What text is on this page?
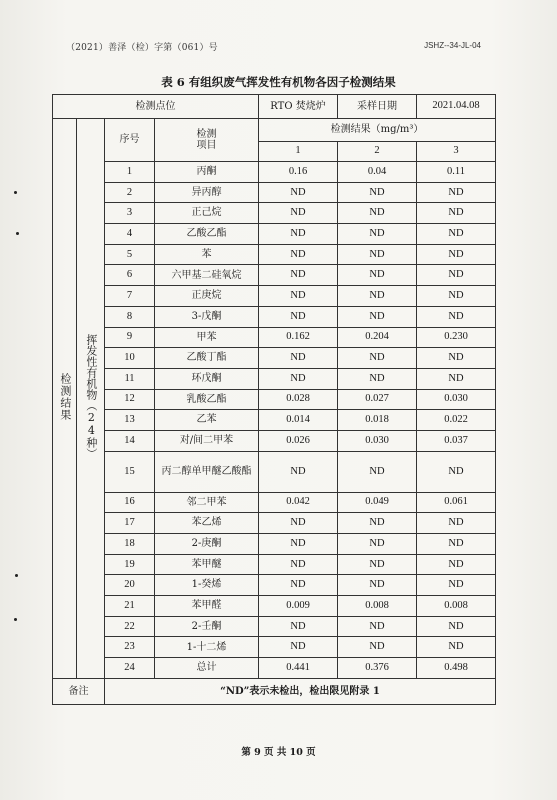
（2021）善泽（检）字第（061）号	JSHZ--34-JL-04
表 6 有组织废气挥发性有机物各因子检测结果
检测点位				RTO 焚烧炉	采样日期	2021.04.08
检测结果	挥发性有机物（24种）	序号	检测
项目	检测结果（mg/m³）		
				1	2	3
		1	丙酮	0.16	0.04	0.11
		2	异丙醇	ND	ND	ND
		3	正己烷	ND	ND	ND
		4	乙酸乙酯	ND	ND	ND
		5	苯	ND	ND	ND
		6	六甲基二硅氧烷	ND	ND	ND
		7	正庚烷	ND	ND	ND
		8	3-戊酮	ND	ND	ND
		9	甲苯	0.162	0.204	0.230
		10	乙酸丁酯	ND	ND	ND
		11	环戊酮	ND	ND	ND
		12	乳酸乙酯	0.028	0.027	0.030
		13	乙苯	0.014	0.018	0.022
		14	对/间二甲苯	0.026	0.030	0.037
		15	丙二醇单甲醚乙酸酯	ND	ND	ND
		16	邻二甲苯	0.042	0.049	0.061
		17	苯乙烯	ND	ND	ND
		18	2-庚酮	ND	ND	ND
		19	苯甲醚	ND	ND	ND
		20	1-癸烯	ND	ND	ND
		21	苯甲醛	0.009	0.008	0.008
		22	2-壬酮	ND	ND	ND
		23	1-十二烯	ND	ND	ND
		24	总计	0.441	0.376	0.498
备注		“ND”表示未检出，检出限见附录 1				
第 9 页 共 10 页
